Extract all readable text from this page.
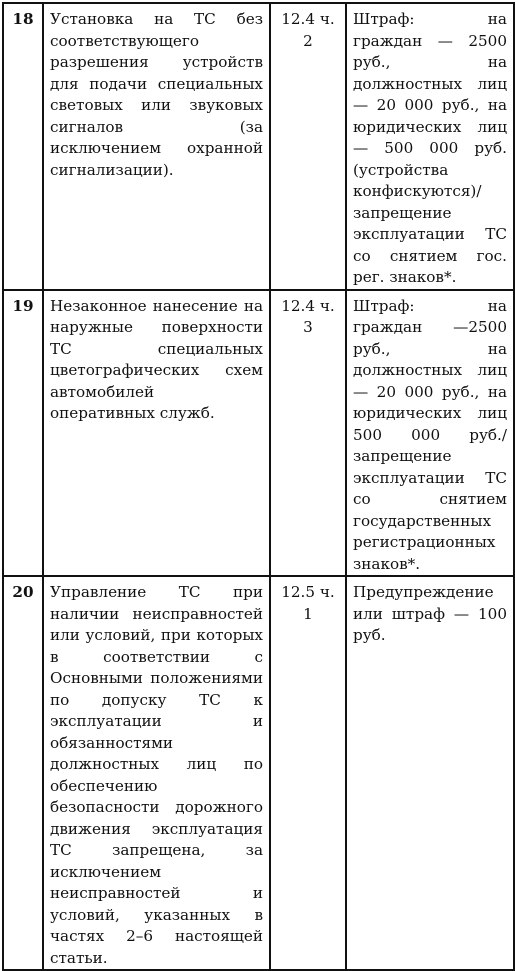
18	Установка на ТС без соответствующего разрешения устройств для подачи специальных световых или звуковых сигналов (за исключением охранной сигнализации).	12.4 ч. 2	Штраф: на граждан — 2500 руб., на должностных лиц — 20 000 руб., на юридических лиц — 500 000 руб. (устройства конфискуются)/запрещение эксплуатации ТС со снятием гос. рег. знаков*.
19	Незаконное нанесение на наружные поверхности ТС специальных цветографических схем автомобилей оперативных служб.	12.4 ч. 3	Штраф: на граждан —2500 руб., на должностных лиц — 20 000 руб., на юридических лиц 500 000 руб./запрещение эксплуатации ТС со снятием государственных регистрационных знаков*.
20	Управление ТС при наличии неисправностей или условий, при которых в соответствии с Основными положениями по допуску ТС к эксплуатации и обязанностями должностных лиц по обеспечению безопасности дорожного движения эксплуатация ТС запрещена, за исключением неисправностей и условий, указанных в частях 2–6 настоящей статьи.	12.5 ч. 1	Предупреждение или штраф — 100 руб.
